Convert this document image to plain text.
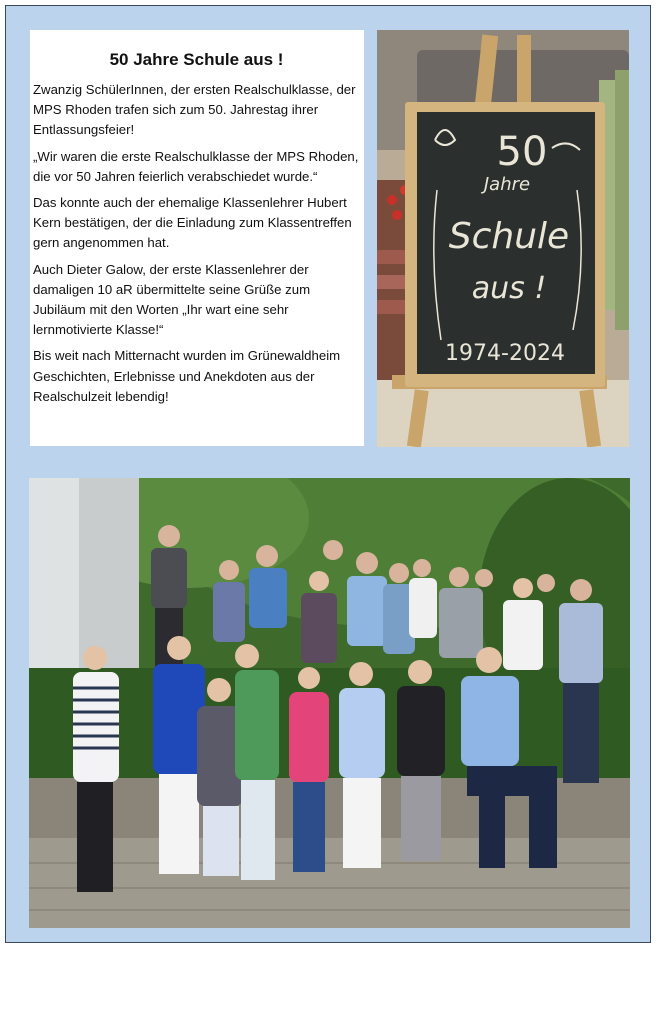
50 Jahre Schule aus !

Zwanzig SchülerInnen, der ersten Realschulklasse, der MPS Rhoden trafen sich zum 50. Jahrestag ihrer Entlassungsfeier!

„Wir waren die erste Realschulklasse der MPS Rhoden, die vor 50 Jahren feierlich verabschiedet wurde.“

Das konnte auch der ehemalige Klassenlehrer Hubert Kern bestätigen, der die Einladung zum Klassentreffen gern angenommen hat.

Auch Dieter Galow, der erste Klassenlehrer der damaligen 10 aR übermittelte seine Grüße zum Jubiläum mit den Worten „Ihr wart eine sehr lernmotivierte Klasse!“

Bis weit nach Mitternacht wurden im Grünewaldheim Geschichten, Erlebnisse und Anekdoten aus der Realschulzeit lebendig!

50
Jahre
Schule
aus !
1974-2024
